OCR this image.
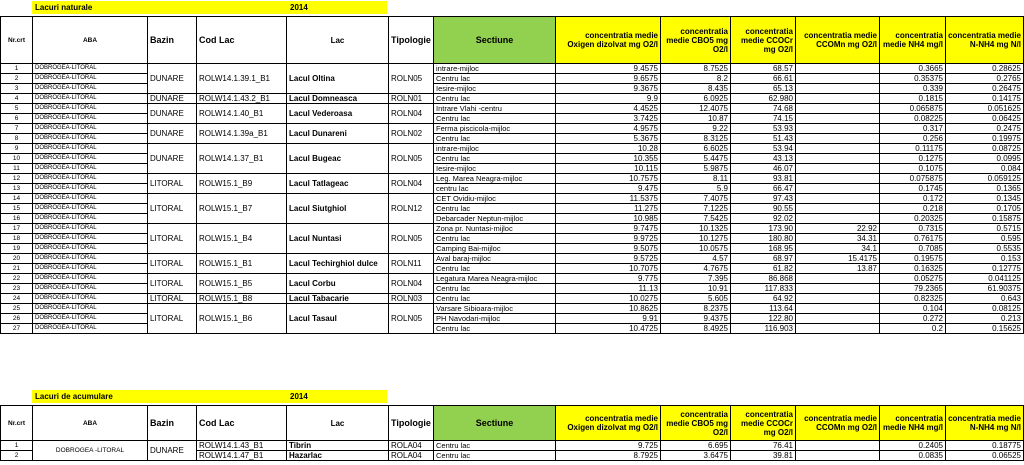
Lacuri naturale	2014
Nr.crt	ABA	Bazin	Cod Lac	Lac	Tipologie	Sectiune	concentratia medie Oxigen dizolvat mg O2/l	concentratia medie CBO5 mg O2/l	concentratia medie CCOCr mg O2/l	concentratia medie CCOMn mg O2/l	concentratia medie NH4 mg/l	concentratia medie N-NH4 mg N/l
1	DOBROGEA-LITORAL	DUNARE	ROLW14.1.39.1_B1	Lacul Oltina	ROLN05	intrare-mijloc	9.4575	8.7525	68.57		0.3665	0.28625
2	DOBROGEA-LITORAL					Centru lac	9.6575	8.2	66.61		0.35375	0.2765
3	DOBROGEA-LITORAL					Iesire-mijloc	9.3675	8.435	65.13		0.339	0.26475
4	DOBROGEA-LITORAL	DUNARE	ROLW14.1.43.2_B1	Lacul Domneasca	ROLN01	Centru lac	9.9	6.0925	62.980		0.1815	0.14175
5	DOBROGEA-LITORAL	DUNARE	ROLW14.1.40_B1	Lacul Vederoasa	ROLN04	Intrare Vlahi -centru	4.4525	12.4075	74.68		0.065875	0.051625
6	DOBROGEA-LITORAL					Centru lac	3.7425	10.87	74.15		0.08225	0.06425
7	DOBROGEA-LITORAL	DUNARE	ROLW14.1.39a_B1	Lacul Dunareni	ROLN02	Ferma piscicola-mijloc	4.9575	9.22	53.93		0.317	0.2475
8	DOBROGEA-LITORAL					Centru lac	5.3675	8.3125	51.43		0.256	0.19975
9	DOBROGEA-LITORAL	DUNARE	ROLW14.1.37_B1	Lacul Bugeac	ROLN05	intrare-mijloc	10.28	6.6025	53.94		0.11175	0.08725
10	DOBROGEA-LITORAL					Centru lac	10.355	5.4475	43.13		0.1275	0.0995
11	DOBROGEA-LITORAL					Iesire-mijloc	10.115	5.9875	46.07		0.1075	0.084
12	DOBROGEA-LITORAL	LITORAL	ROLW15.1_B9	Lacul Tatlageac	ROLN04	Leg. Marea Neagra-mijloc	10.7575	8.11	93.81		0.075875	0.059125
13	DOBROGEA-LITORAL					centru lac	9.475	5.9	66.47		0.1745	0.1365
14	DOBROGEA-LITORAL	LITORAL	ROLW15.1_B7	Lacul Siutghiol	ROLN12	CET Ovidiu-mijloc	11.5375	7.4075	97.43		0.172	0.1345
15	DOBROGEA-LITORAL					Centru lac	11.275	7.1225	90.55		0.218	0.1705
16	DOBROGEA-LITORAL					Debarcader Neptun-mijloc	10.985	7.5425	92.02		0.20325	0.15875
17	DOBROGEA-LITORAL	LITORAL	ROLW15.1_B4	Lacul Nuntasi	ROLN05	Zona pr. Nuntasi-mijloc	9.7475	10.1325	173.90	22.92	0.7315	0.5715
18	DOBROGEA-LITORAL					Centru lac	9.9725	10.1275	180.80	34.31	0.76175	0.595
19	DOBROGEA-LITORAL					Camping Bai-mijloc	9.5075	10.0575	168.95	34.1	0.7085	0.5535
20	DOBROGEA-LITORAL	LITORAL	ROLW15.1_B1	Lacul Techirghiol dulce	ROLN11	Aval baraj-mijloc	9.5725	4.57	68.97	15.4175	0.19575	0.153
21	DOBROGEA-LITORAL					Centru lac	10.7075	4.7675	61.82	13.87	0.16325	0.12775
22	DOBROGEA-LITORAL	LITORAL	ROLW15.1_B5	Lacul Corbu	ROLN04	Legatura Marea Neagra-mijloc	9.775	7.395	86.868		0.05275	0.041125
23	DOBROGEA-LITORAL					Centru lac	11.13	10.91	117.833		79.2365	61.90375
24	DOBROGEA-LITORAL	LITORAL	ROLW15.1_B8	Lacul Tabacarie	ROLN03	Centru lac	10.0275	5.605	64.92		0.82325	0.643
25	DOBROGEA-LITORAL	LITORAL	ROLW15.1_B6	Lacul Tasaul	ROLN05	Varsare Sibioara-mijloc	10.8625	8.2375	113.64		0.104	0.08125
26	DOBROGEA-LITORAL					PH Navodari-mijloc	9.91	9.4375	122.80		0.272	0.213
27	DOBROGEA-LITORAL					Centru lac	10.4725	8.4925	116.903		0.2	0.15625
Lacuri de acumulare	2014
Nr.crt	ABA	Bazin	Cod Lac	Lac	Tipologie	Sectiune	concentratia medie Oxigen dizolvat mg O2/l	concentratia medie CBO5 mg O2/l	concentratia medie CCOCr mg O2/l	concentratia medie CCOMn mg O2/l	concentratia medie NH4 mg/l	concentratia medie N-NH4 mg N/l
1	DOBROGEA -LITORAL	DUNARE	ROLW14.1.43_B1	Tibrin	ROLA04	Centru lac	9.725	6.695	76.41		0.2405	0.18775
2			ROLW14.1.47_B1	Hazarlac	ROLA04	Centru lac	8.7925	3.6475	39.81		0.0835	0.06525
